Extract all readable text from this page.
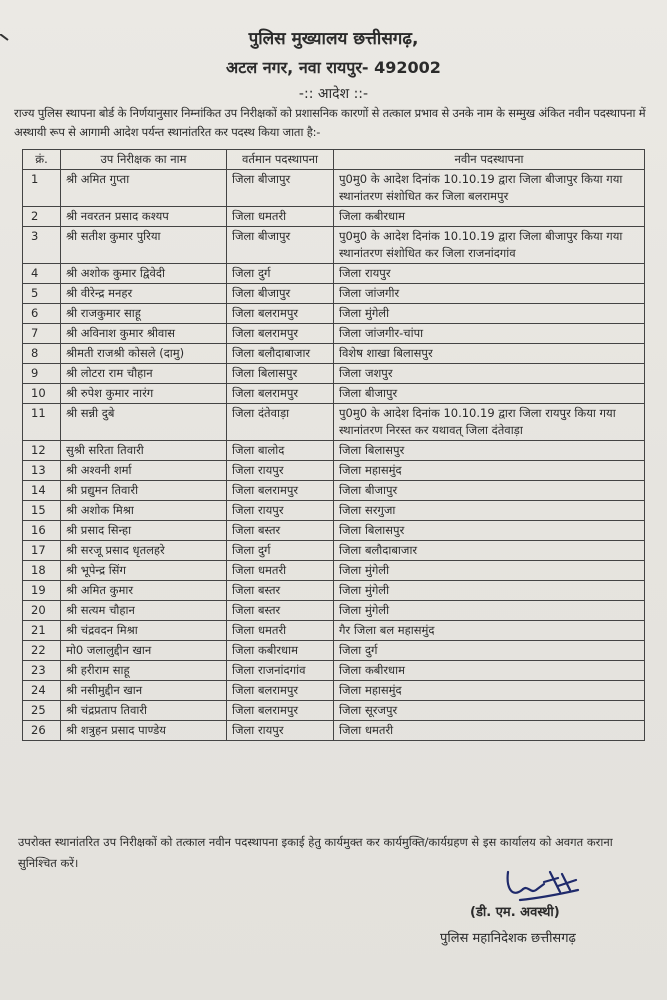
पुलिस मुख्यालय छत्तीसगढ़,
अटल नगर, नवा रायपुर- 492002
-:: आदेश ::-
राज्य पुलिस स्थापना बोर्ड के निर्णयानुसार निम्नांकित उप निरीक्षकों को प्रशासनिक कारणों से तत्काल प्रभाव से उनके नाम के सम्मुख अंकित नवीन पदस्थापना में अस्थायी रूप से आगामी आदेश पर्यन्त स्थानांतरित कर पदस्थ किया जाता है:-
क्रं.	उप निरीक्षक का नाम	वर्तमान पदस्थापना	नवीन पदस्थापना
1	श्री अमित गुप्ता	जिला बीजापुर	पु0मु0 के आदेश दिनांक 10.10.19 द्वारा जिला बीजापुर किया गया स्थानांतरण संशोधित कर जिला बलरामपुर
2	श्री नवरतन प्रसाद कश्यप	जिला धमतरी	जिला कबीरधाम
3	श्री सतीश कुमार पुरिया	जिला बीजापुर	पु0मु0 के आदेश दिनांक 10.10.19 द्वारा जिला बीजापुर किया गया स्थानांतरण संशोधित कर जिला राजनांदगांव
4	श्री अशोक कुमार द्विवेदी	जिला दुर्ग	जिला रायपुर
5	श्री वीरेन्द्र मनहर	जिला बीजापुर	जिला जांजगीर
6	श्री राजकुमार साहू	जिला बलरामपुर	जिला मुंगेली
7	श्री अविनाश कुमार श्रीवास	जिला बलरामपुर	जिला जांजगीर-चांपा
8	श्रीमती राजश्री कोसले (दामु)	जिला बलौदाबाजार	विशेष शाखा बिलासपुर
9	श्री लोटरा राम चौहान	जिला बिलासपुर	जिला जशपुर
10	श्री रुपेश कुमार नारंग	जिला बलरामपुर	जिला बीजापुर
11	श्री सन्नी दुबे	जिला दंतेवाड़ा	पु0मु0 के आदेश दिनांक 10.10.19 द्वारा जिला रायपुर किया गया स्थानांतरण निरस्त कर यथावत् जिला दंतेवाड़ा
12	सुश्री सरिता तिवारी	जिला बालोद	जिला बिलासपुर
13	श्री अश्वनी शर्मा	जिला रायपुर	जिला महासमुंद
14	श्री प्रद्युमन तिवारी	जिला बलरामपुर	जिला बीजापुर
15	श्री अशोक मिश्रा	जिला रायपुर	जिला सरगुजा
16	श्री प्रसाद सिन्हा	जिला बस्तर	जिला बिलासपुर
17	श्री सरजू प्रसाद धृतलहरे	जिला दुर्ग	जिला बलौदाबाजार
18	श्री भूपेन्द्र सिंग	जिला धमतरी	जिला मुंगेली
19	श्री अमित कुमार	जिला बस्तर	जिला मुंगेली
20	श्री सत्यम चौहान	जिला बस्तर	जिला मुंगेली
21	श्री चंद्रवदन मिश्रा	जिला धमतरी	गैर जिला बल महासमुंद
22	मो0 जलालुद्दीन खान	जिला कबीरधाम	जिला दुर्ग
23	श्री हरीराम साहू	जिला राजनांदगांव	जिला कबीरधाम
24	श्री नसीमुद्दीन खान	जिला बलरामपुर	जिला महासमुंद
25	श्री चंद्रप्रताप तिवारी	जिला बलरामपुर	जिला सूरजपुर
26	श्री शत्रुहन प्रसाद पाण्डेय	जिला रायपुर	जिला धमतरी
उपरोक्त स्थानांतरित उप निरीक्षकों को तत्काल नवीन पदस्थापना इकाई हेतु कार्यमुक्त कर कार्यमुक्ति/कार्यग्रहण से इस कार्यालय को अवगत कराना सुनिश्चित करें।
(डी. एम. अवस्थी)
पुलिस महानिदेशक छत्तीसगढ़
